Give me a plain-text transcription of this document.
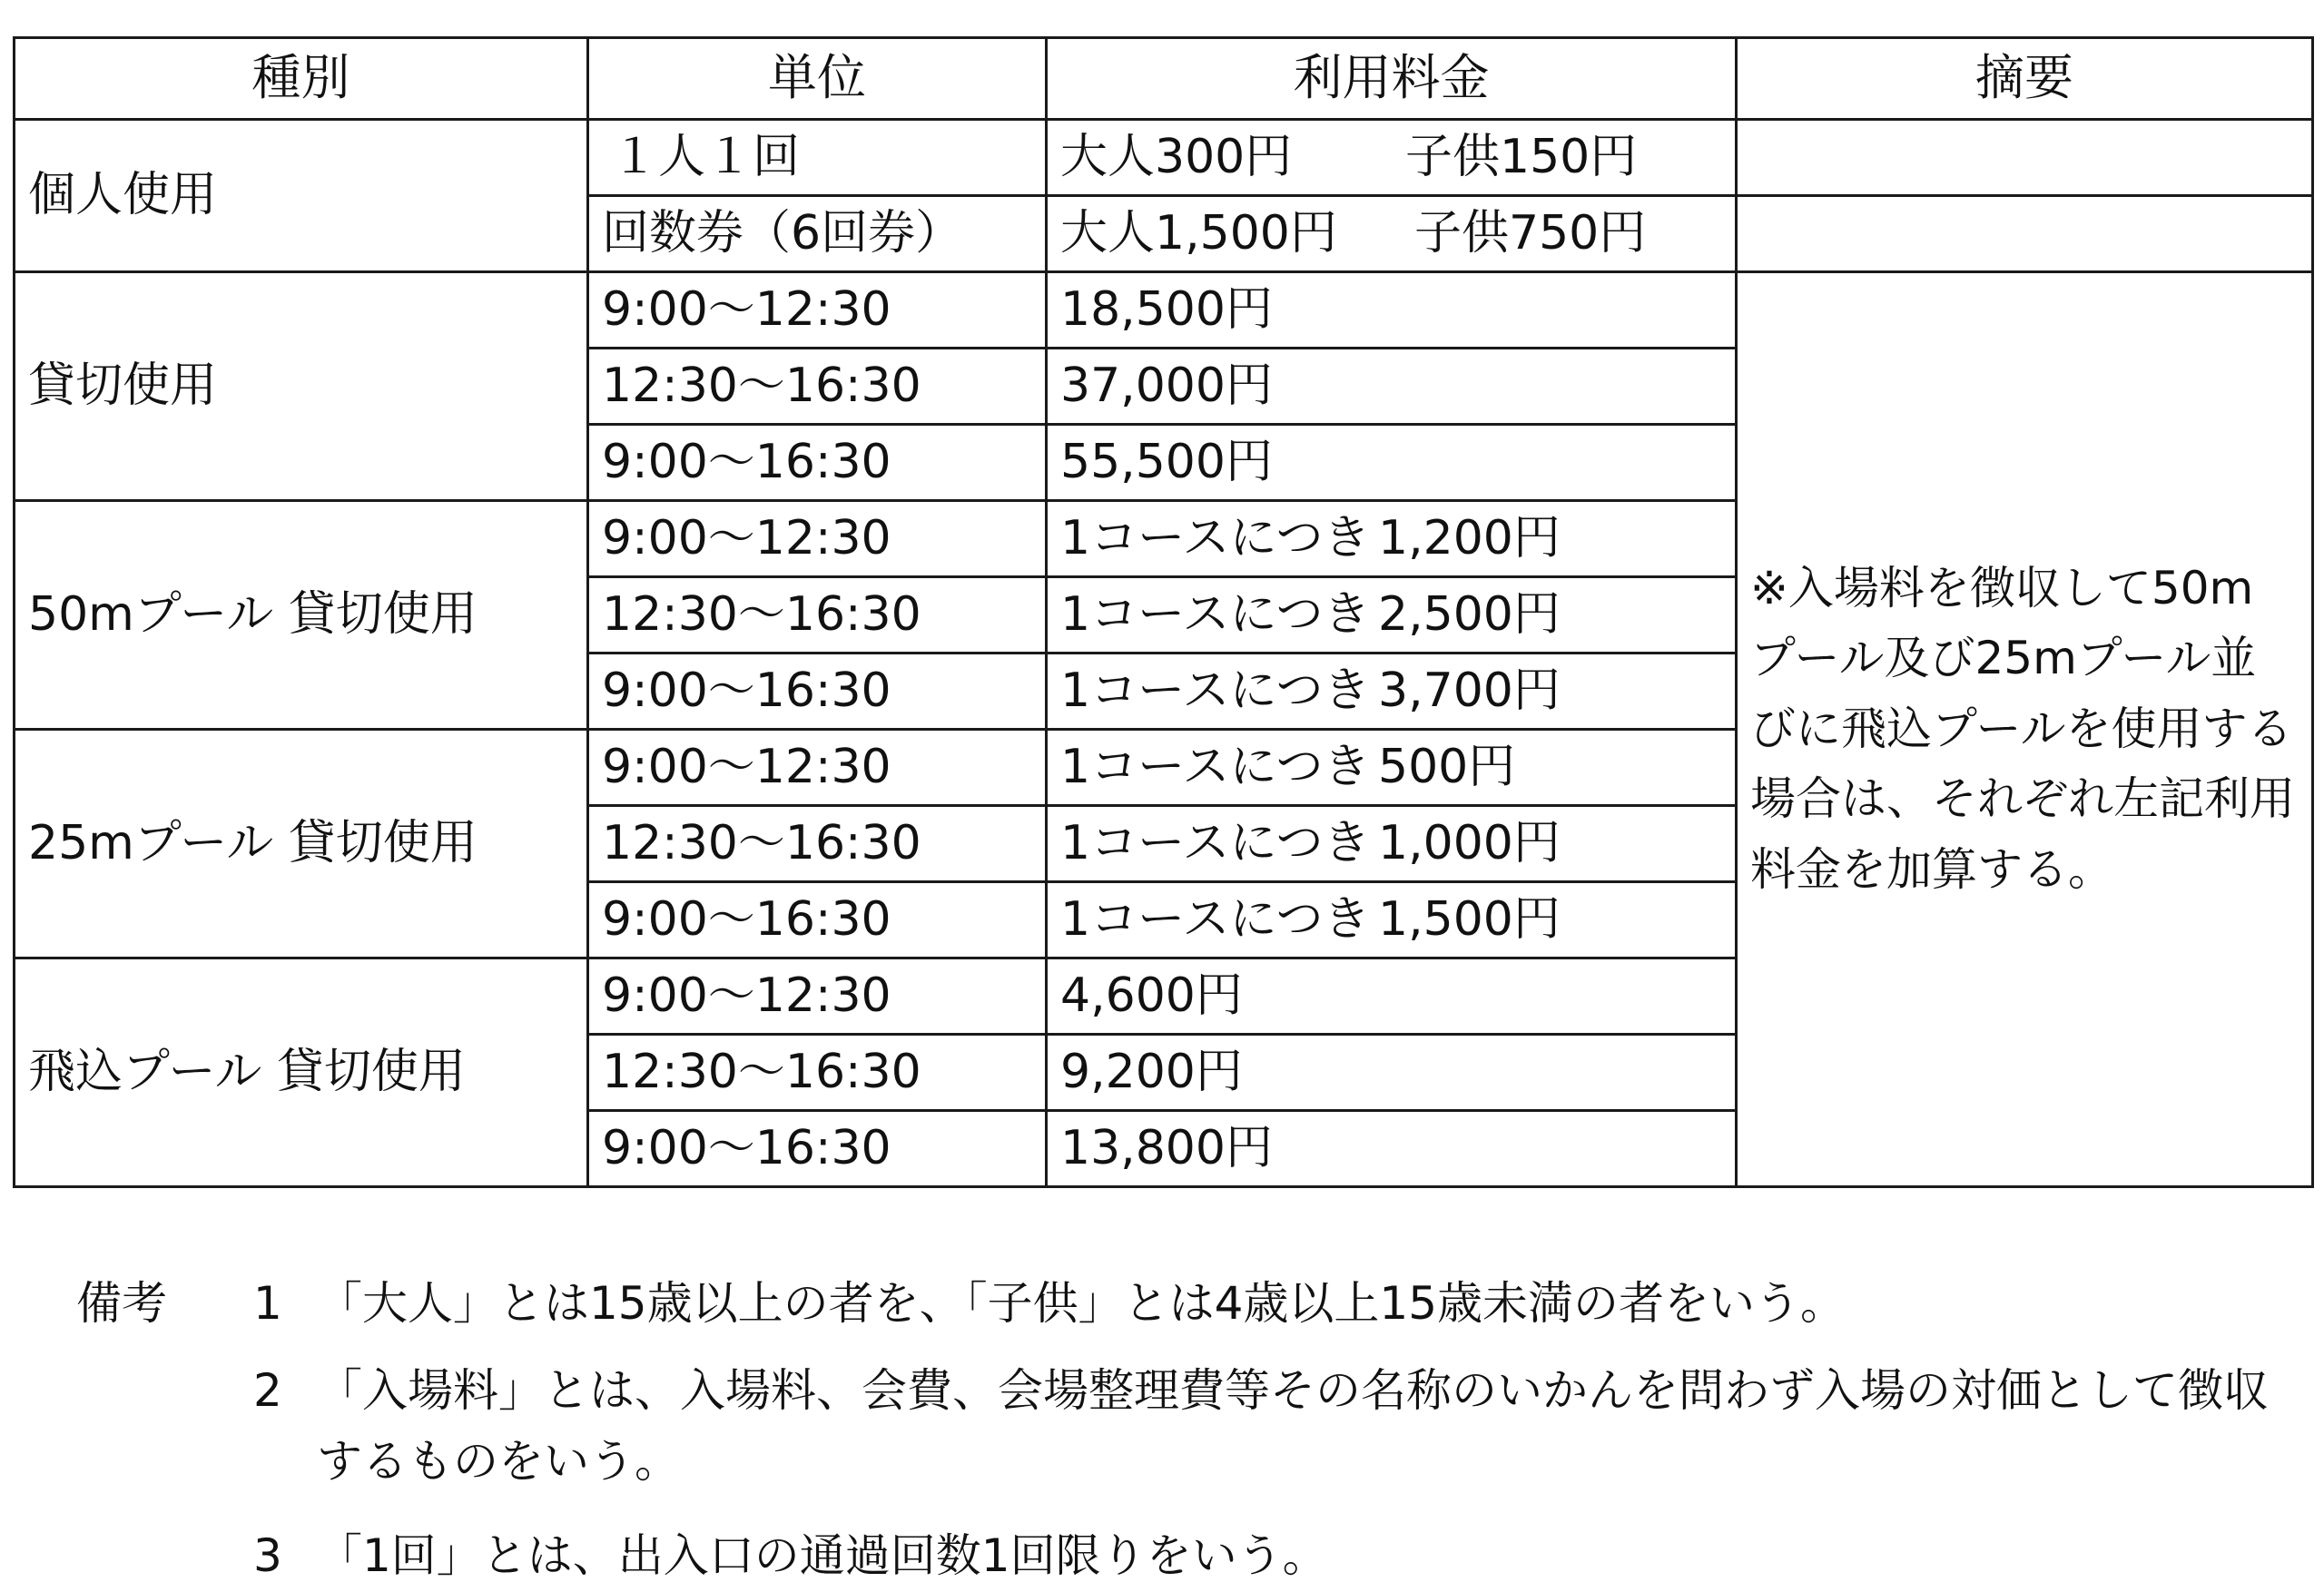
種別	単位	利用料金	摘要
個人使用	１人１回	大人300円 子供150円	
	回数券（6回券）	大人1,500円 子供750円	
貸切使用	9:00～12:30	18,500円	※入場料を徴収して50mプール及び25mプール並びに飛込プールを使用する場合は、それぞれ左記利用料金を加算する。
	12:30～16:30	37,000円	
	9:00～16:30	55,500円	
50mプール 貸切使用	9:00～12:30	1コースにつき 1,200円	
	12:30～16:30	1コースにつき 2,500円	
	9:00～16:30	1コースにつき 3,700円	
25mプール 貸切使用	9:00～12:30	1コースにつき 500円	
	12:30～16:30	1コースにつき 1,000円	
	9:00～16:30	1コースにつき 1,500円	
飛込プール 貸切使用	9:00～12:30	4,600円	
	12:30～16:30	9,200円	
	9:00～16:30	13,800円	
備考 1 「大人」とは15歳以上の者を、「子供」とは4歳以上15歳未満の者をいう。
2 「入場料」とは、入場料、会費、会場整理費等その名称のいかんを問わず入場の対価として徴収するものをいう。
3 「1回」とは、出入口の通過回数1回限りをいう。
